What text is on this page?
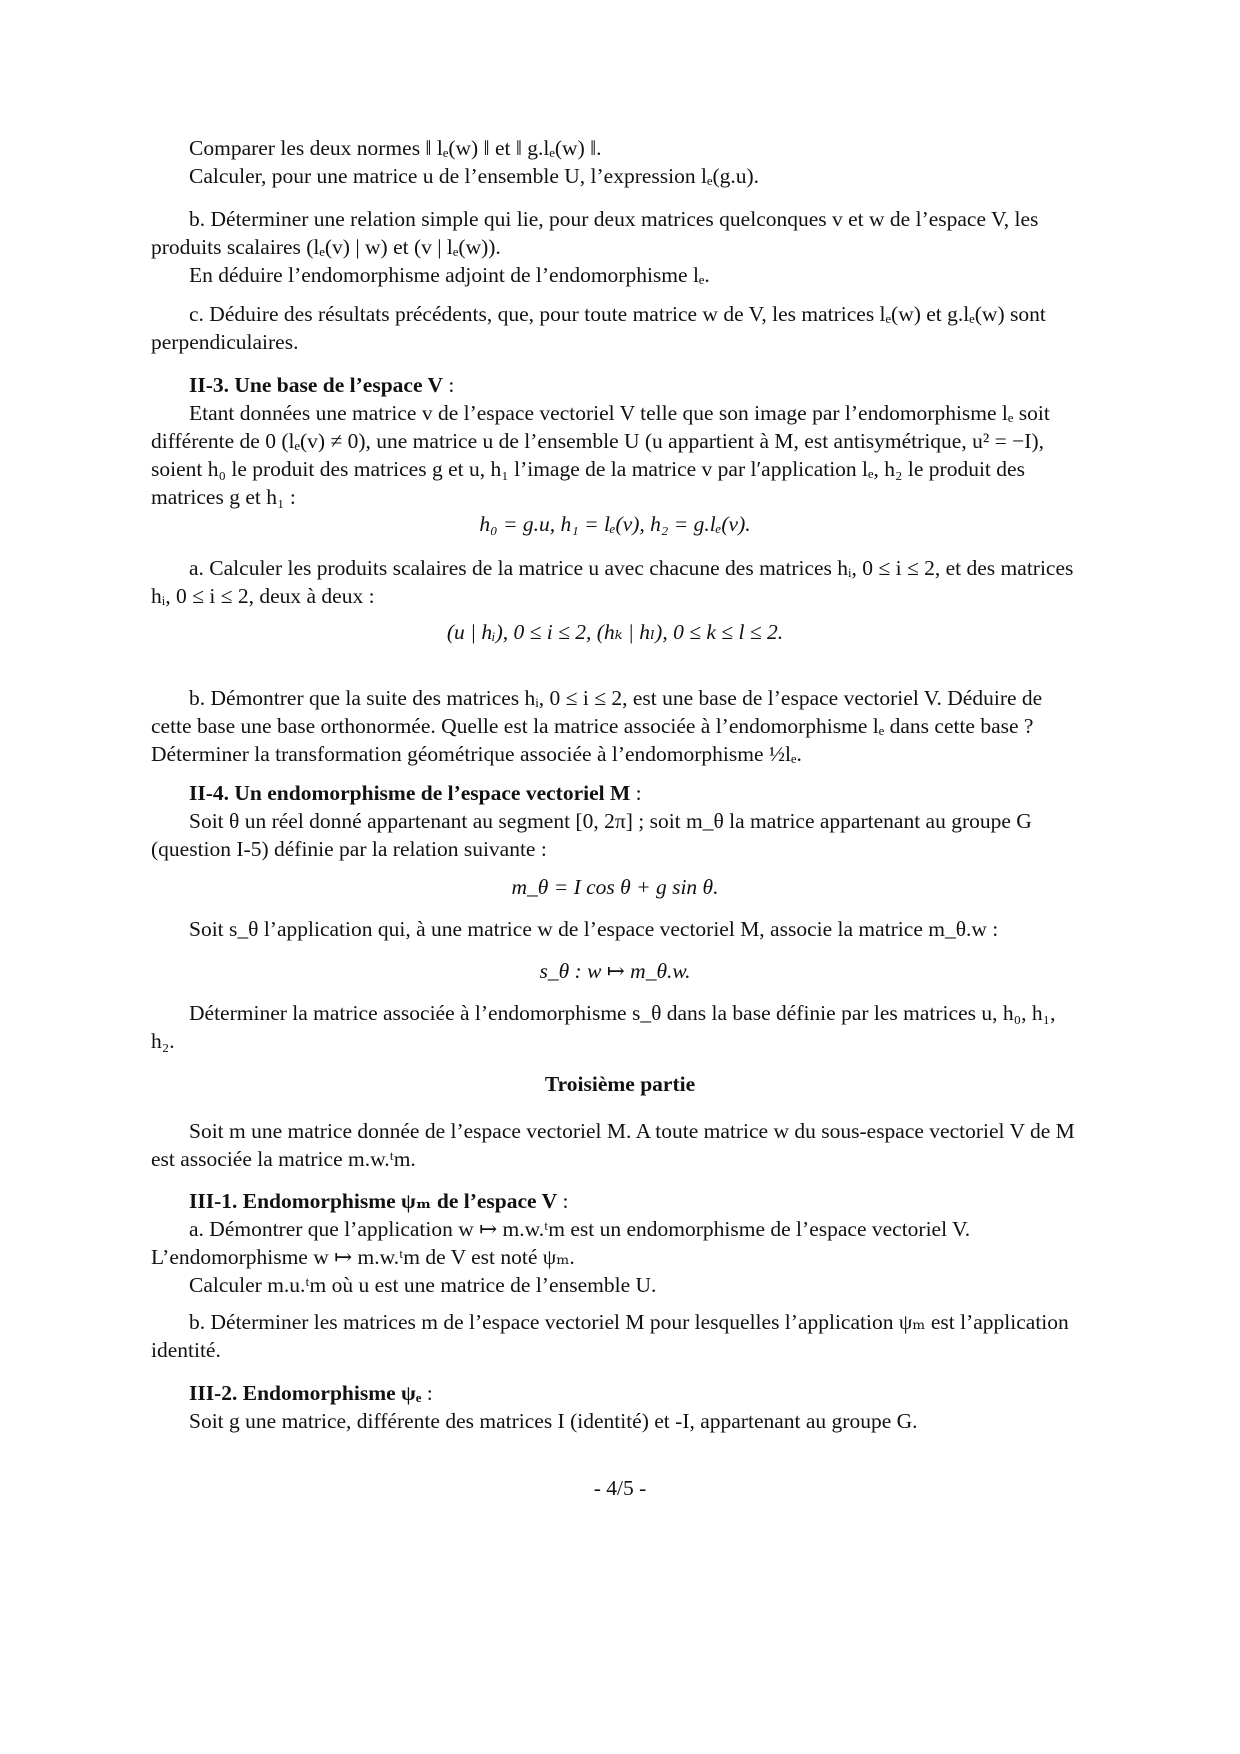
Comparer les deux normes ‖ lₑ(w) ‖ et ‖ g.lₑ(w) ‖.

Calculer, pour une matrice u de l’ensemble U, l’expression lₑ(g.u).

b. Déterminer une relation simple qui lie, pour deux matrices quelconques v et w de l’espace V, les produits scalaires (lₑ(v) | w) et (v | lₑ(w)).

En déduire l’endomorphisme adjoint de l’endomorphisme lₑ.

c. Déduire des résultats précédents, que, pour toute matrice w de V, les matrices lₑ(w) et g.lₑ(w) sont perpendiculaires.

II-3. Une base de l’espace V :

Etant données une matrice v de l’espace vectoriel V telle que son image par l’endomorphisme lₑ soit différente de 0 (lₑ(v) ≠ 0), une matrice u de l’ensemble U (u appartient à M, est antisymétrique, u² = −I), soient h₀ le produit des matrices g et u, h₁ l’image de la matrice v par l′application lₑ, h₂ le produit des matrices g et h₁ :

h₀ = g.u, h₁ = lₑ(v), h₂ = g.lₑ(v).

a. Calculer les produits scalaires de la matrice u avec chacune des matrices hᵢ, 0 ≤ i ≤ 2, et des matrices hᵢ, 0 ≤ i ≤ 2, deux à deux :

(u | hᵢ), 0 ≤ i ≤ 2, (hₖ | hₗ), 0 ≤ k ≤ l ≤ 2.

b. Démontrer que la suite des matrices hᵢ, 0 ≤ i ≤ 2, est une base de l’espace vectoriel V. Déduire de cette base une base orthonormée. Quelle est la matrice associée à l’endomorphisme lₑ dans cette base ? Déterminer la transformation géométrique associée à l’endomorphisme ½lₑ.

II-4. Un endomorphisme de l’espace vectoriel M :

Soit θ un réel donné appartenant au segment [0, 2π] ; soit m_θ la matrice appartenant au groupe G (question I-5) définie par la relation suivante :

m_θ = I cos θ + g sin θ.

Soit s_θ l’application qui, à une matrice w de l’espace vectoriel M, associe la matrice m_θ.w :

s_θ : w ↦ m_θ.w.

Déterminer la matrice associée à l’endomorphisme s_θ dans la base définie par les matrices u, h₀, h₁, h₂.

Troisième partie

Soit m une matrice donnée de l’espace vectoriel M. A toute matrice w du sous-espace vectoriel V de M est associée la matrice m.w.ᵗm.

III-1. Endomorphisme ψₘ de l’espace V :

a. Démontrer que l’application w ↦ m.w.ᵗm est un endomorphisme de l’espace vectoriel V.

L’endomorphisme w ↦ m.w.ᵗm de V est noté ψₘ.

Calculer m.u.ᵗm où u est une matrice de l’ensemble U.

b. Déterminer les matrices m de l’espace vectoriel M pour lesquelles l’application ψₘ est l’application identité.

III-2. Endomorphisme ψₑ :

Soit g une matrice, différente des matrices I (identité) et -I, appartenant au groupe G.

- 4/5 -
